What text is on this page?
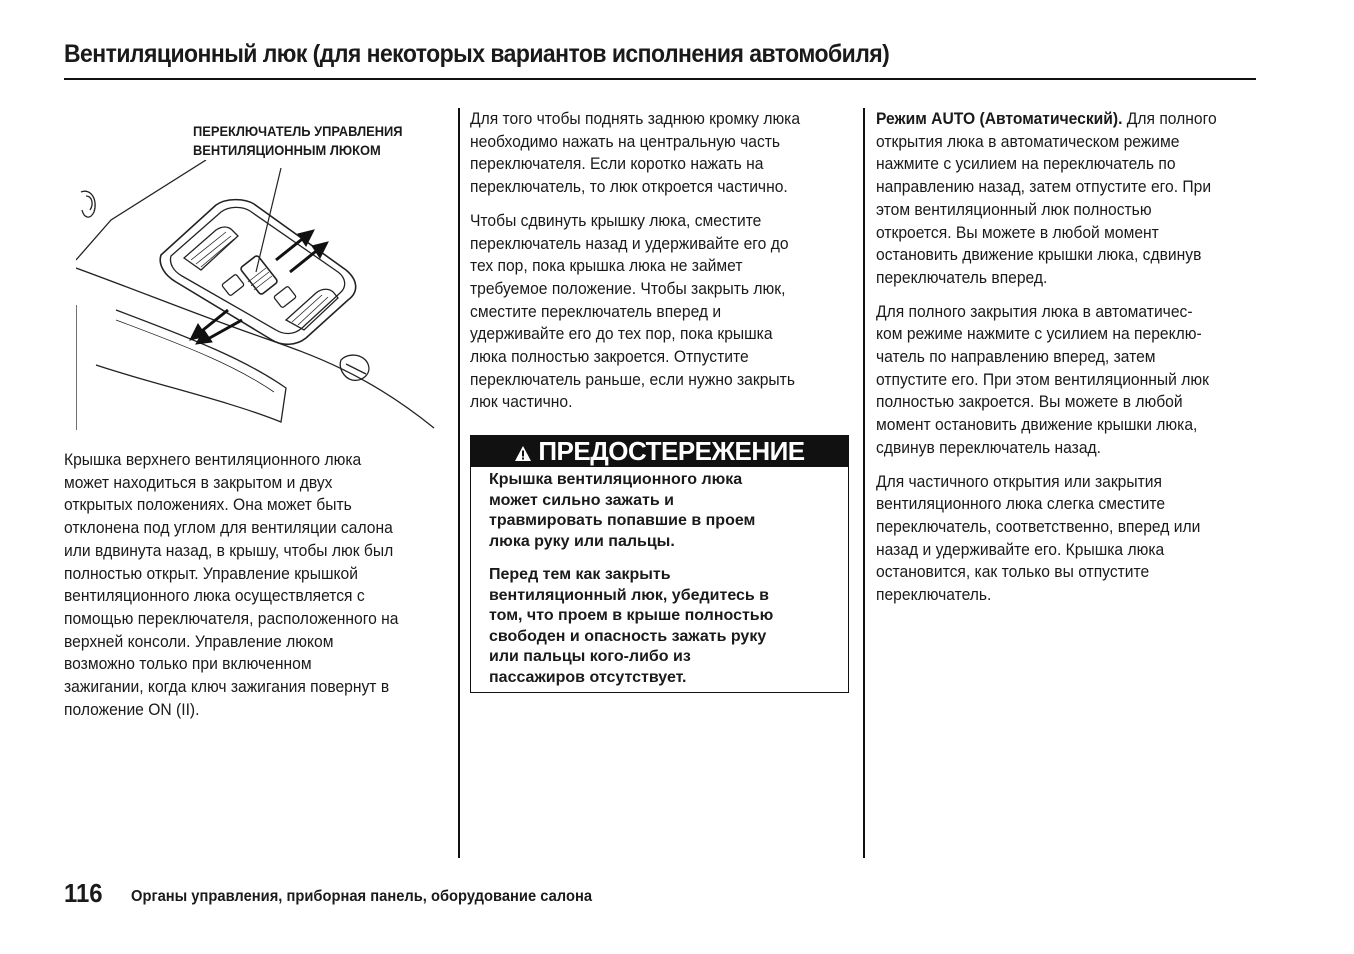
Вентиляционный люк (для некоторых вариантов исполнения автомобиля)
ПЕРЕКЛЮЧАТЕЛЬ УПРАВЛЕНИЯ
ВЕНТИЛЯЦИОННЫМ ЛЮКОМ

Крышка верхнего вентиляционного люка
может находиться в закрытом и двух
открытых положениях. Она может быть
отклонена под углом для вентиляции салона
или вдвинута назад, в крышу, чтобы люк был
полностью открыт. Управление крышкой
вентиляционного люка осуществляется с
помощью переключателя, расположенного на
верхней консоли. Управление люком
возможно только при включенном
зажигании, когда ключ зажигания повернут в
положение ON (II).

Для того чтобы поднять заднюю кромку люка
необходимо нажать на центральную часть
переключателя. Если коротко нажать на
переключатель, то люк откроется частично.

Чтобы сдвинуть крышку люка, сместите
переключатель назад и удерживайте его до
тех пор, пока крышка люка не займет
требуемое положение. Чтобы закрыть люк,
сместите переключатель вперед и
удерживайте его до тех пор, пока крышка
люка полностью закроется. Отпустите
переключатель раньше, если нужно закрыть
люк частично.

ПРЕДОСТЕРЕЖЕНИЕ

Крышка вентиляционного люка
может сильно зажать и
травмировать попавшие в проем
люка руку или пальцы.

Перед тем как закрыть
вентиляционный люк, убедитесь в
том, что проем в крыше полностью
свободен и опасность зажать руку
или пальцы кого-либо из
пассажиров отсутствует.

Режим AUTO (Автоматический). Для полного
открытия люка в автоматическом режиме
нажмите с усилием на переключатель по
направлению назад, затем отпустите его. При
этом вентиляционный люк полностью
откроется. Вы можете в любой момент
остановить движение крышки люка, сдвинув
переключатель вперед.

Для полного закрытия люка в автоматичес-
ком режиме нажмите с усилием на переклю-
чатель по направлению вперед, затем
отпустите его. При этом вентиляционный люк
полностью закроется. Вы можете в любой
момент остановить движение крышки люка,
сдвинув переключатель назад.

Для частичного открытия или закрытия
вентиляционного люка слегка сместите
переключатель, соответственно, вперед или
назад и удерживайте его. Крышка люка
остановится, как только вы отпустите
переключатель.

116 Органы управления, приборная панель, оборудование салона
